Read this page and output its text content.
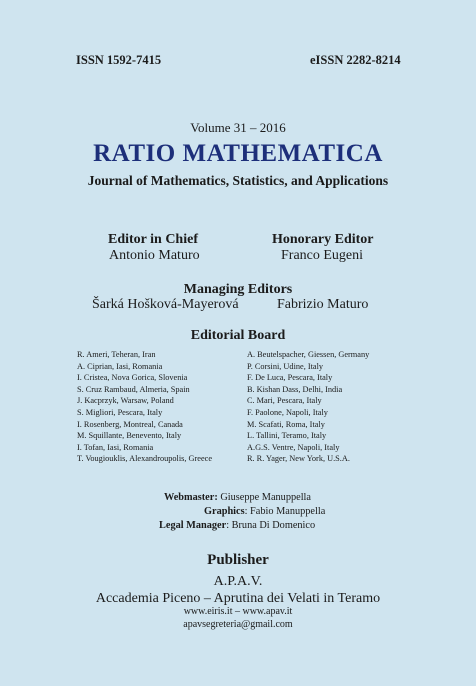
ISSN 1592-7415	eISSN 2282-8214
Volume 31 – 2016
RATIO MATHEMATICA
Journal of Mathematics, Statistics, and Applications
Editor in Chief
Antonio Maturo
Honorary Editor
Franco Eugeni
Managing Editors
Šarká Hošková-Mayerová	Fabrizio Maturo
Editorial Board
R. Ameri, Teheran, Iran
A. Ciprian, Iasi, Romania
I. Cristea, Nova Gorica, Slovenia
S. Cruz Rambaud, Almeria, Spain
J. Kacprzyk, Warsaw, Poland
S. Migliori, Pescara, Italy
I. Rosenberg, Montreal, Canada
M. Squillante, Benevento, Italy
I. Tofan, Iasi, Romania
T. Vougiouklis, Alexandroupolis, Greece
A. Beutelspacher, Giessen, Germany
P. Corsini, Udine, Italy
F. De Luca, Pescara, Italy
B. Kishan Dass, Delhi, India
C. Mari, Pescara, Italy
F. Paolone, Napoli, Italy
M. Scafati, Roma, Italy
L. Tallini, Teramo, Italy
A.G.S. Ventre, Napoli, Italy
R. R. Yager, New York, U.S.A.
Webmaster: Giuseppe Manuppella
Graphics: Fabio Manuppella
Legal Manager: Bruna Di Domenico
Publisher
A.P.A.V.
Accademia Piceno – Aprutina dei Velati in Teramo
www.eiris.it – www.apav.it
apavsegreteria@gmail.com
